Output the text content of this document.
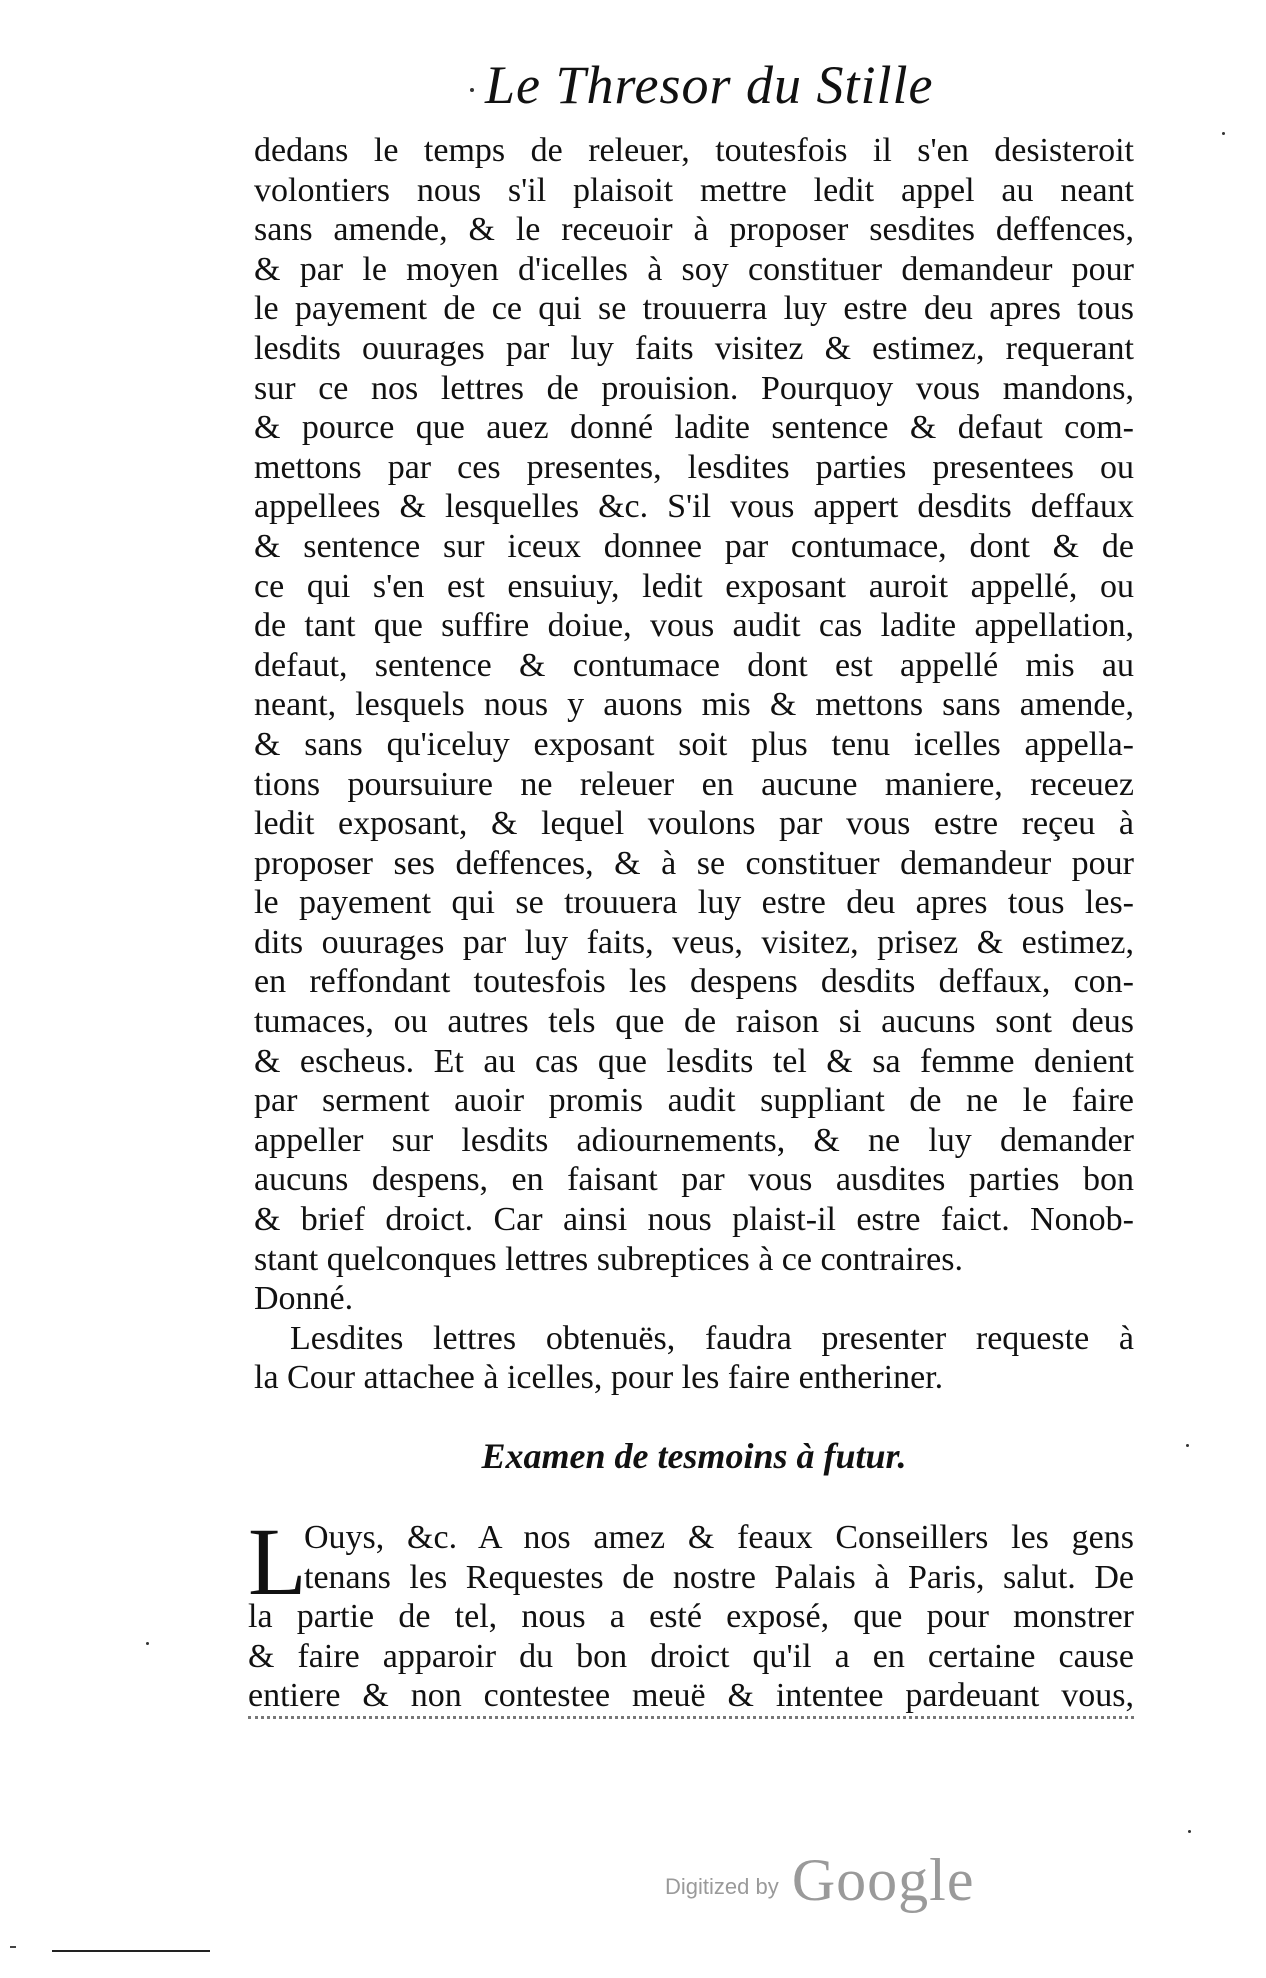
Le Thresor du Stille
dedans le temps de releuer, toutesfois il s'en desisteroit
volontiers nous s'il plaisoit mettre ledit appel au neant
sans amende, & le receuoir à proposer sesdites deffences,
& par le moyen d'icelles à soy constituer demandeur pour
le payement de ce qui se trouuerra luy estre deu apres tous
lesdits ouurages par luy faits visitez & estimez, requerant
sur ce nos lettres de prouision. Pourquoy vous mandons,
& pource que auez donné ladite sentence & defaut com-
mettons par ces presentes, lesdites parties presentees ou
appellees & lesquelles &c. S'il vous appert desdits deffaux
& sentence sur iceux donnee par contumace, dont & de
ce qui s'en est ensuiuy, ledit exposant auroit appellé, ou
de tant que suffire doiue, vous audit cas ladite appellation,
defaut, sentence & contumace dont est appellé mis au
neant, lesquels nous y auons mis & mettons sans amende,
& sans qu'iceluy exposant soit plus tenu icelles appella-
tions poursuiure ne releuer en aucune maniere, receuez
ledit exposant, & lequel voulons par vous estre reçeu à
proposer ses deffences, & à se constituer demandeur pour
le payement qui se trouuera luy estre deu apres tous les-
dits ouurages par luy faits, veus, visitez, prisez & estimez,
en reffondant toutesfois les despens desdits deffaux, con-
tumaces, ou autres tels que de raison si aucuns sont deus
& escheus. Et au cas que lesdits tel & sa femme denient
par serment auoir promis audit suppliant de ne le faire
appeller sur lesdits adiournements, & ne luy demander
aucuns despens, en faisant par vous ausdites parties bon
& brief droict. Car ainsi nous plaist-il estre faict. Nonob-
stant quelconques lettres subreptices à ce contraires.
Donné.
Lesdites lettres obtenuës, faudra presenter requeste à
la Cour attachee à icelles, pour les faire entheriner.
Examen de tesmoins à futur.
L
Ouys, &c. A nos amez & feaux Conseillers les gens
tenans les Requestes de nostre Palais à Paris, salut. De
la partie de tel, nous a esté exposé, que pour monstrer
& faire apparoir du bon droict qu'il a en certaine cause
entiere & non contestee meuë & intentee pardeuant vous,
Digitized by Google
